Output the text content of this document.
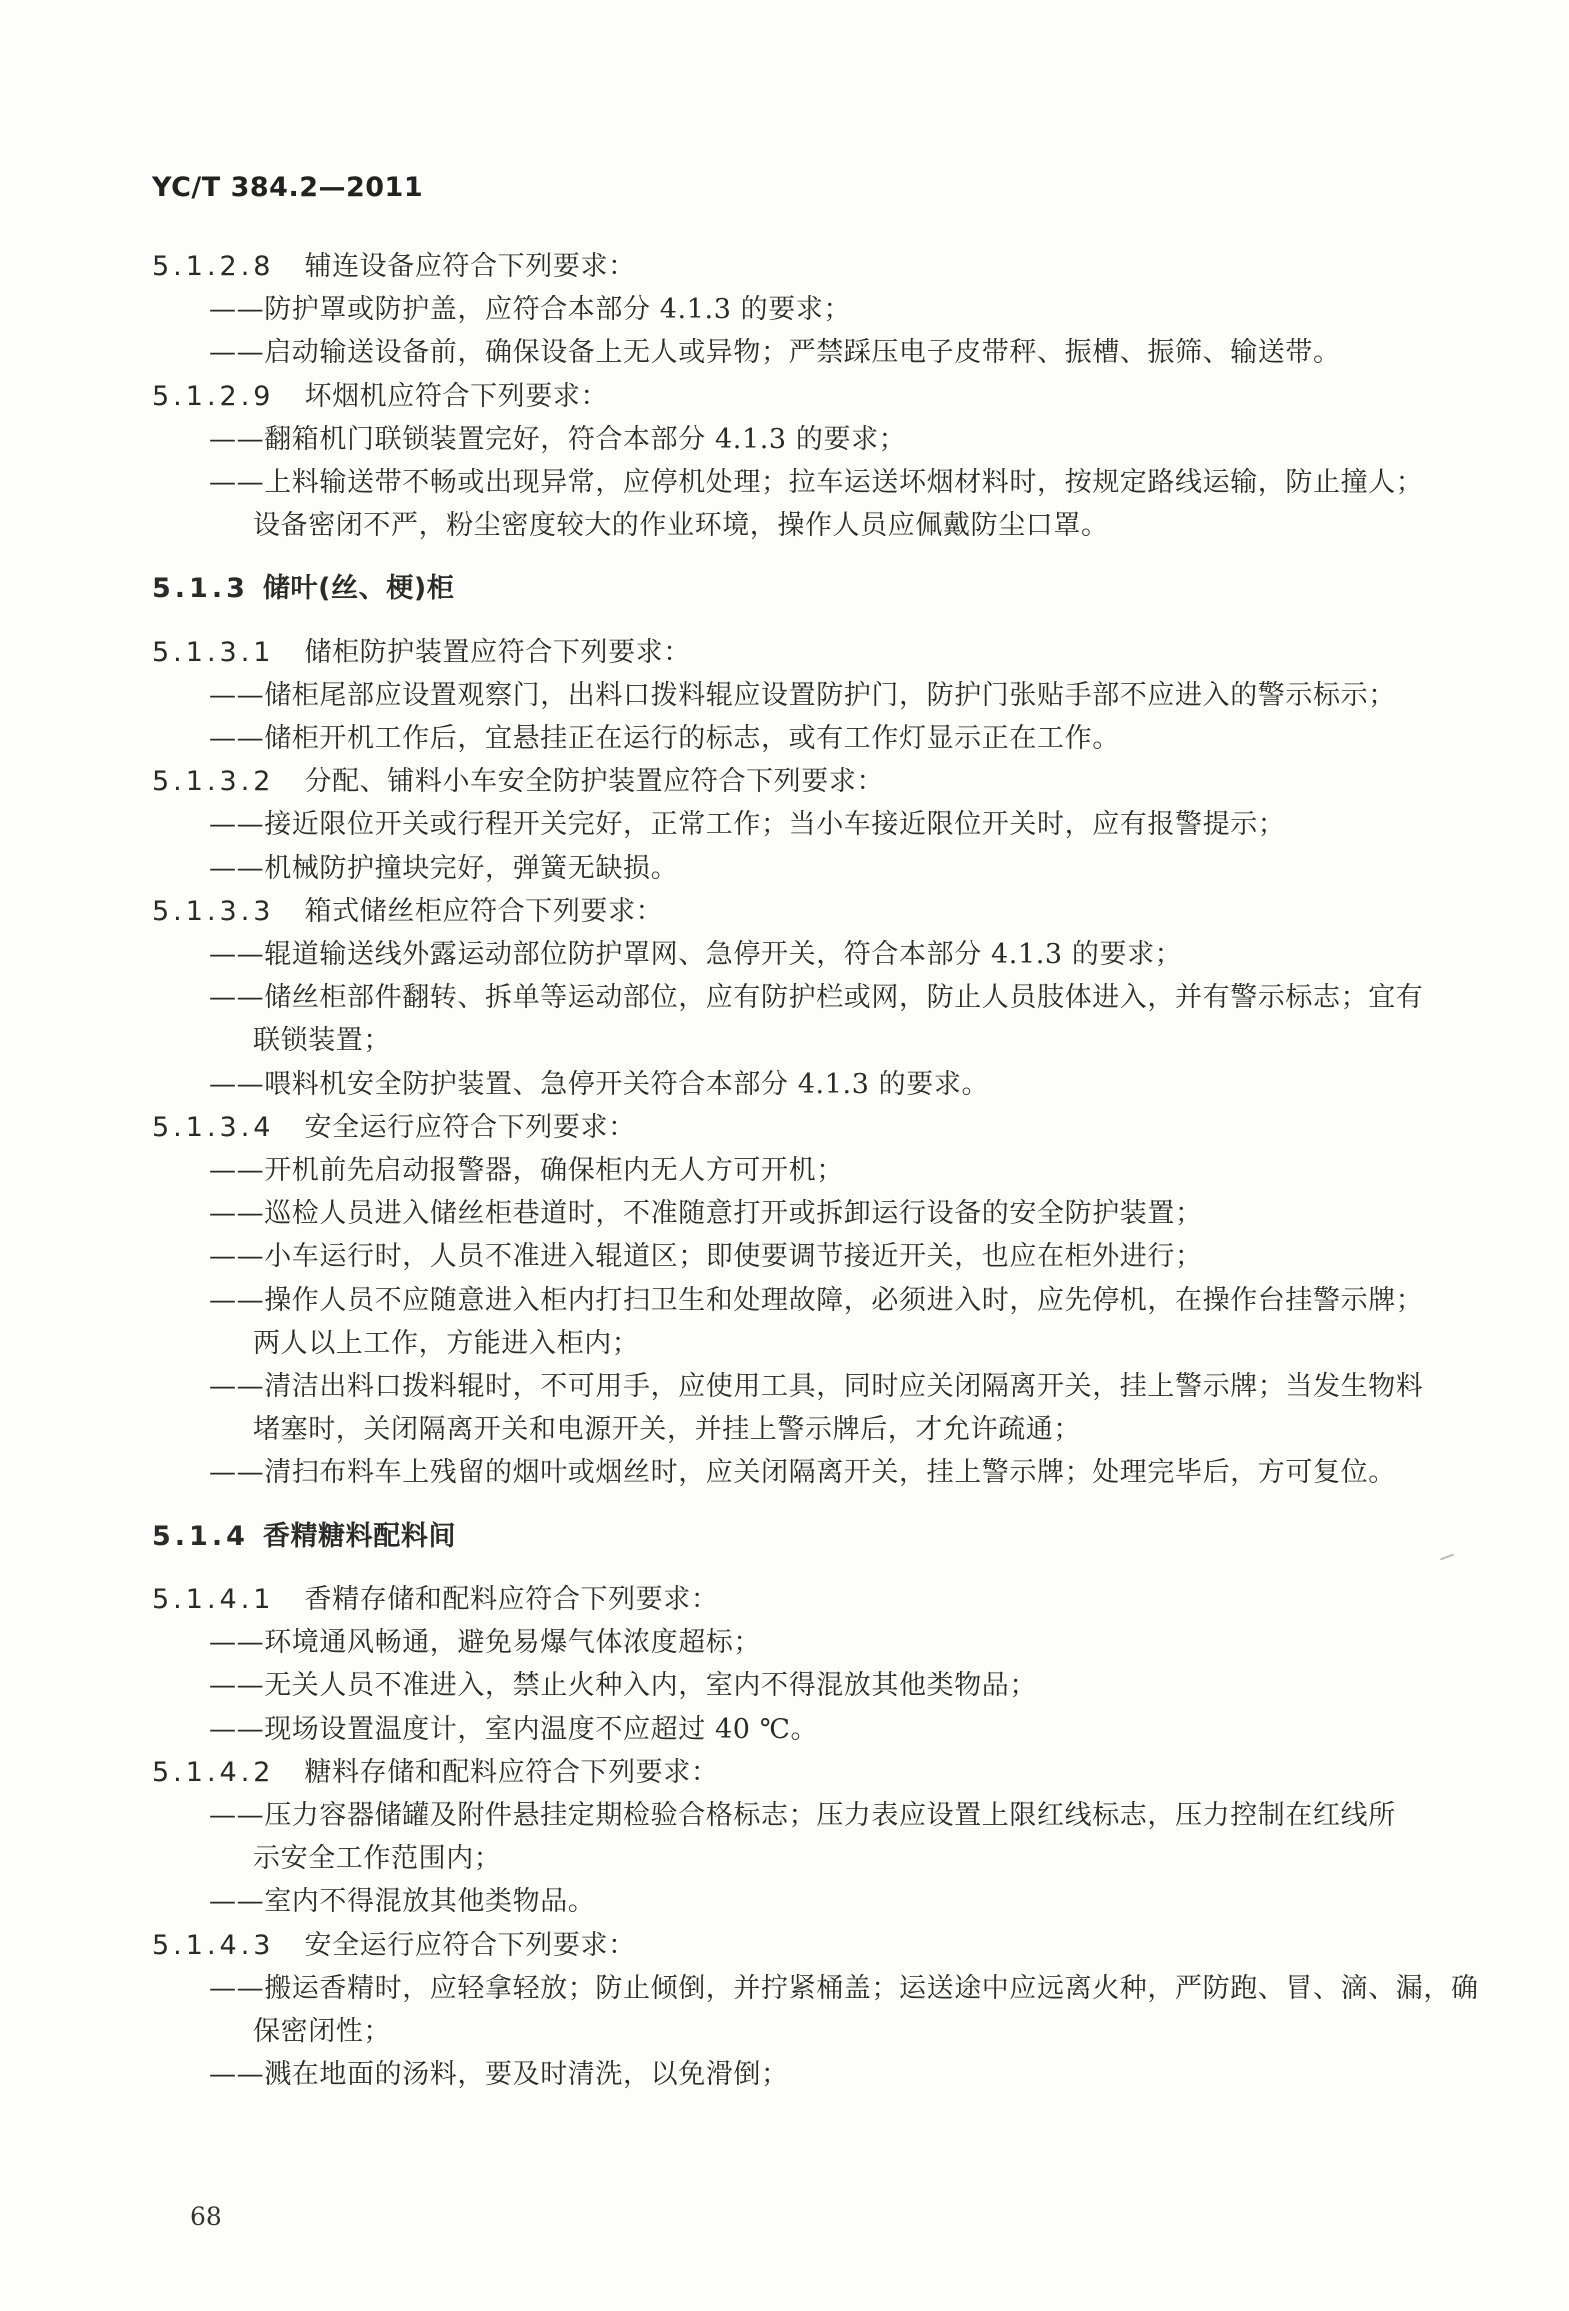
YC/T 384.2—2011
5.1.2.8 辅连设备应符合下列要求：
——防护罩或防护盖，应符合本部分 4.1.3 的要求；
——启动输送设备前，确保设备上无人或异物；严禁踩压电子皮带秤、振槽、振筛、输送带。
5.1.2.9 坏烟机应符合下列要求：
——翻箱机门联锁装置完好，符合本部分 4.1.3 的要求；
——上料输送带不畅或出现异常，应停机处理；拉车运送坏烟材料时，按规定路线运输，防止撞人；
设备密闭不严，粉尘密度较大的作业环境，操作人员应佩戴防尘口罩。
5.1.3 储叶(丝、梗)柜
5.1.3.1 储柜防护装置应符合下列要求：
——储柜尾部应设置观察门，出料口拨料辊应设置防护门，防护门张贴手部不应进入的警示标示；
——储柜开机工作后，宜悬挂正在运行的标志，或有工作灯显示正在工作。
5.1.3.2 分配、铺料小车安全防护装置应符合下列要求：
——接近限位开关或行程开关完好，正常工作；当小车接近限位开关时，应有报警提示；
——机械防护撞块完好，弹簧无缺损。
5.1.3.3 箱式储丝柜应符合下列要求：
——辊道输送线外露运动部位防护罩网、急停开关，符合本部分 4.1.3 的要求；
——储丝柜部件翻转、拆单等运动部位，应有防护栏或网，防止人员肢体进入，并有警示标志；宜有
联锁装置；
——喂料机安全防护装置、急停开关符合本部分 4.1.3 的要求。
5.1.3.4 安全运行应符合下列要求：
——开机前先启动报警器，确保柜内无人方可开机；
——巡检人员进入储丝柜巷道时，不准随意打开或拆卸运行设备的安全防护装置；
——小车运行时，人员不准进入辊道区；即使要调节接近开关，也应在柜外进行；
——操作人员不应随意进入柜内打扫卫生和处理故障，必须进入时，应先停机，在操作台挂警示牌；
两人以上工作，方能进入柜内；
——清洁出料口拨料辊时，不可用手，应使用工具，同时应关闭隔离开关，挂上警示牌；当发生物料
堵塞时，关闭隔离开关和电源开关，并挂上警示牌后，才允许疏通；
——清扫布料车上残留的烟叶或烟丝时，应关闭隔离开关，挂上警示牌；处理完毕后，方可复位。
5.1.4 香精糖料配料间
5.1.4.1 香精存储和配料应符合下列要求：
——环境通风畅通，避免易爆气体浓度超标；
——无关人员不准进入，禁止火种入内，室内不得混放其他类物品；
——现场设置温度计，室内温度不应超过 40 ℃。
5.1.4.2 糖料存储和配料应符合下列要求：
——压力容器储罐及附件悬挂定期检验合格标志；压力表应设置上限红线标志，压力控制在红线所
示安全工作范围内；
——室内不得混放其他类物品。
5.1.4.3 安全运行应符合下列要求：
——搬运香精时，应轻拿轻放；防止倾倒，并拧紧桶盖；运送途中应远离火种，严防跑、冒、滴、漏，确
保密闭性；
——溅在地面的汤料，要及时清洗，以免滑倒；
68
